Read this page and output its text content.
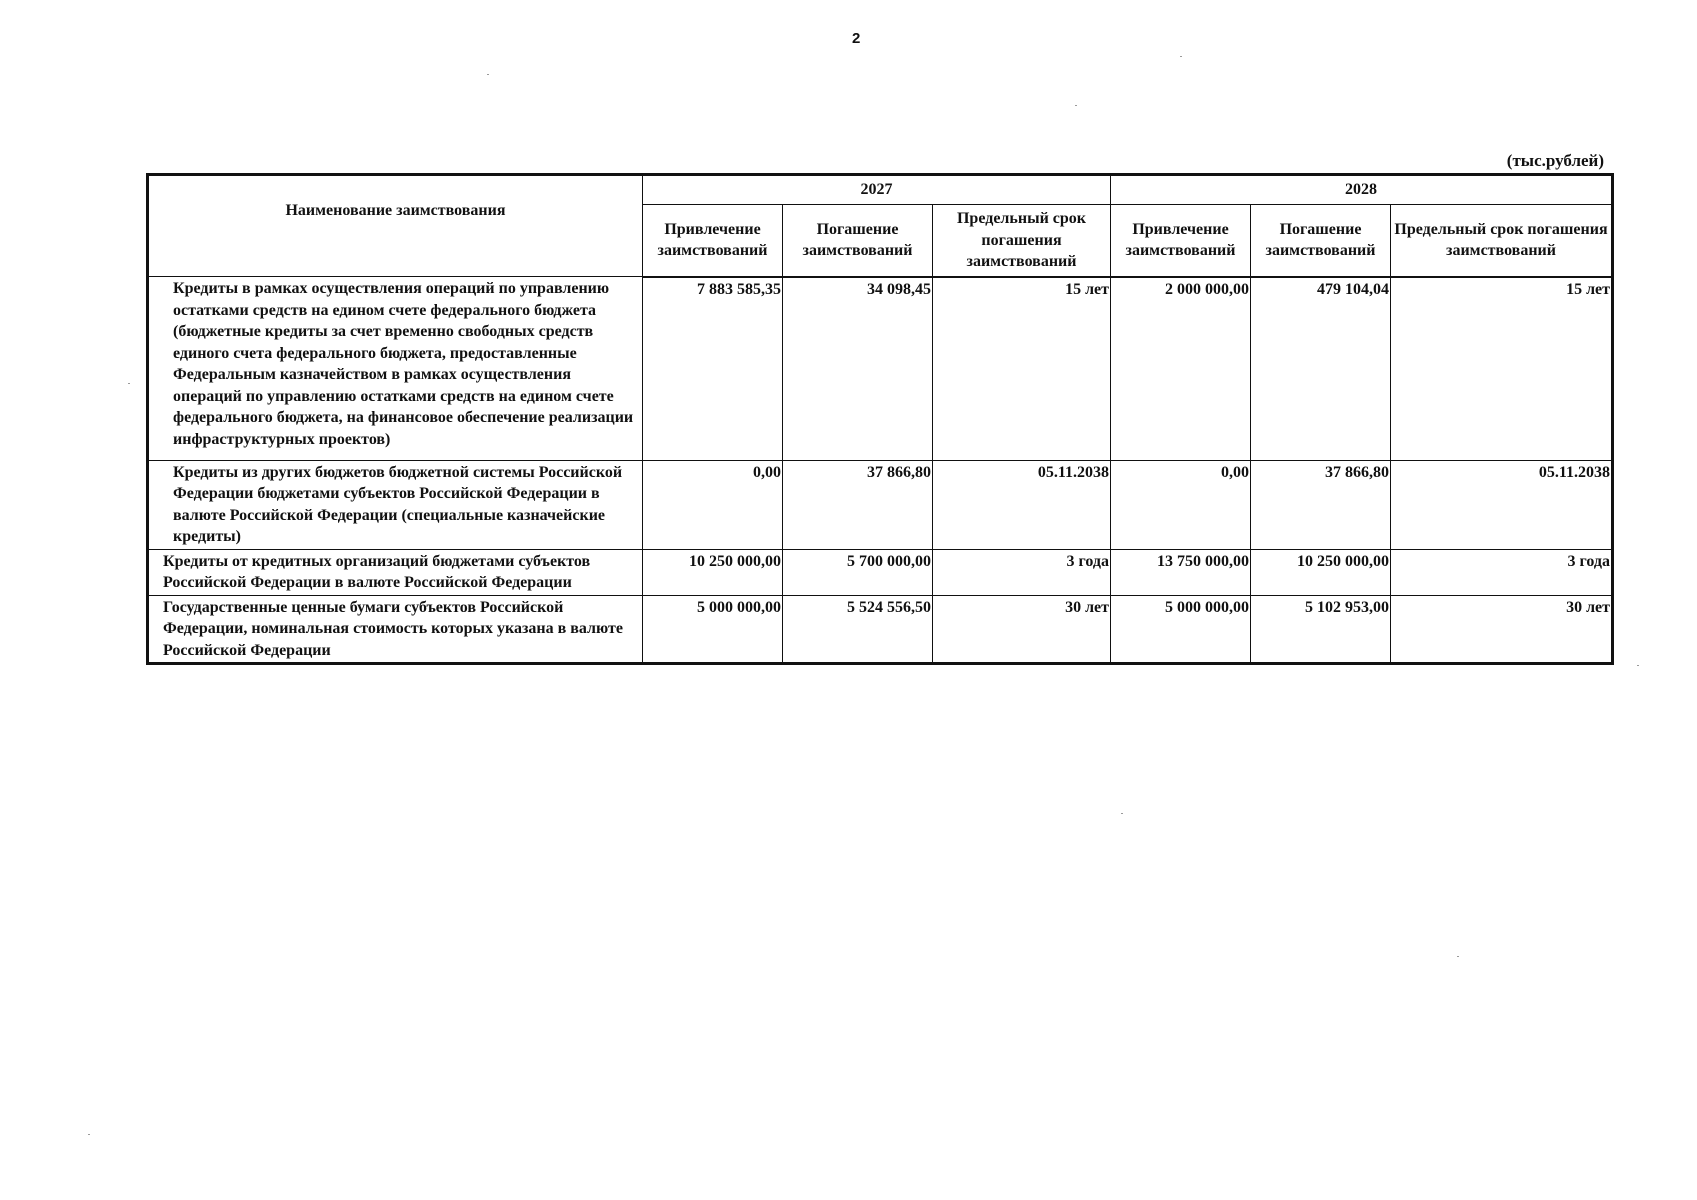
2
(тыс.рублей)
Наименование заимствования	2027			2028		
	Привлечение заимствований	Погашение заимствований	Предельный срок погашения заимствований	Привлечение заимствований	Погашение заимствований	Предельный срок погашения заимствований
Кредиты в рамках осуществления операций по управлению остатками средств на едином счете федерального бюджета (бюджетные кредиты за счет временно свободных средств единого счета федерального бюджета, предоставленные Федеральным казначейством в рамках осуществления операций по управлению остатками средств на едином счете федерального бюджета, на финансовое обеспечение реализации инфраструктурных проектов)	7 883 585,35	34 098,45	15 лет	2 000 000,00	479 104,04	15 лет
Кредиты из других бюджетов бюджетной системы Российской Федерации бюджетами субъектов Российской Федерации в валюте Российской Федерации (специальные казначейские кредиты)	0,00	37 866,80	05.11.2038	0,00	37 866,80	05.11.2038
Кредиты от кредитных организаций бюджетами субъектов Российской Федерации в валюте Российской Федерации	10 250 000,00	5 700 000,00	3 года	13 750 000,00	10 250 000,00	3 года
Государственные ценные бумаги субъектов Российской Федерации, номинальная стоимость которых указана в валюте Российской Федерации	5 000 000,00	5 524 556,50	30 лет	5 000 000,00	5 102 953,00	30 лет
